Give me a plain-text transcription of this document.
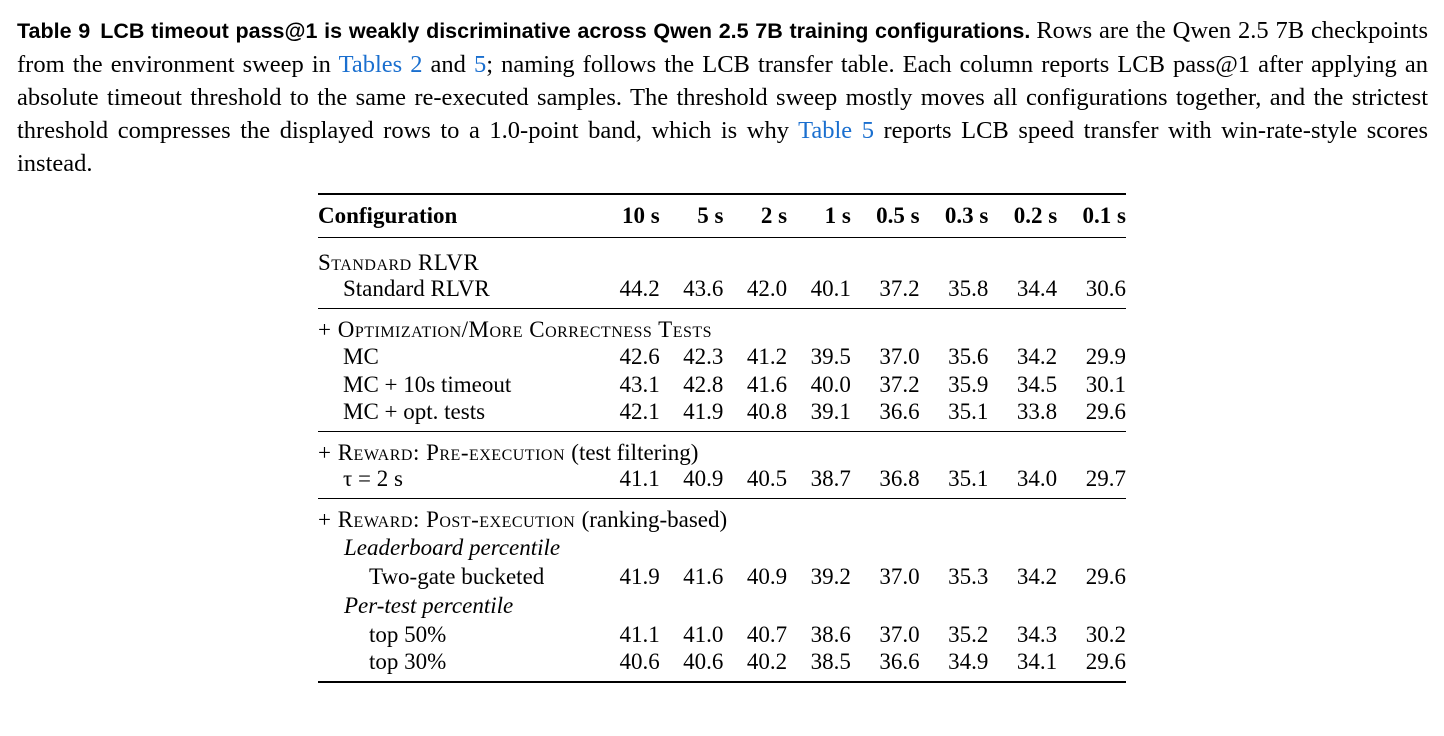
Table 9 LCB timeout pass@1 is weakly discriminative across Qwen 2.5 7B training configurations. Rows are the Qwen 2.5 7B checkpoints from the environment sweep in Tables 2 and 5; naming follows the LCB transfer table. Each column reports LCB pass@1 after applying an absolute timeout threshold to the same re-executed samples. The threshold sweep mostly moves all configurations together, and the strictest threshold compresses the displayed rows to a 1.0-point band, which is why Table 5 reports LCB speed transfer with win-rate-style scores instead.
Configuration	10 s	5 s	2 s	1 s	0.5 s	0.3 s	0.2 s	0.1 s
Standard RLVR								
Standard RLVR	44.2	43.6	42.0	40.1	37.2	35.8	34.4	30.6
+ Optimization/More Correctness Tests								
MC	42.6	42.3	41.2	39.5	37.0	35.6	34.2	29.9
MC + 10s timeout	43.1	42.8	41.6	40.0	37.2	35.9	34.5	30.1
MC + opt. tests	42.1	41.9	40.8	39.1	36.6	35.1	33.8	29.6
+ Reward: Pre-execution (test filtering)								
τ = 2 s	41.1	40.9	40.5	38.7	36.8	35.1	34.0	29.7
+ Reward: Post-execution (ranking-based)								
Leaderboard percentile								
Two-gate bucketed	41.9	41.6	40.9	39.2	37.0	35.3	34.2	29.6
Per-test percentile								
top 50%	41.1	41.0	40.7	38.6	37.0	35.2	34.3	30.2
top 30%	40.6	40.6	40.2	38.5	36.6	34.9	34.1	29.6
